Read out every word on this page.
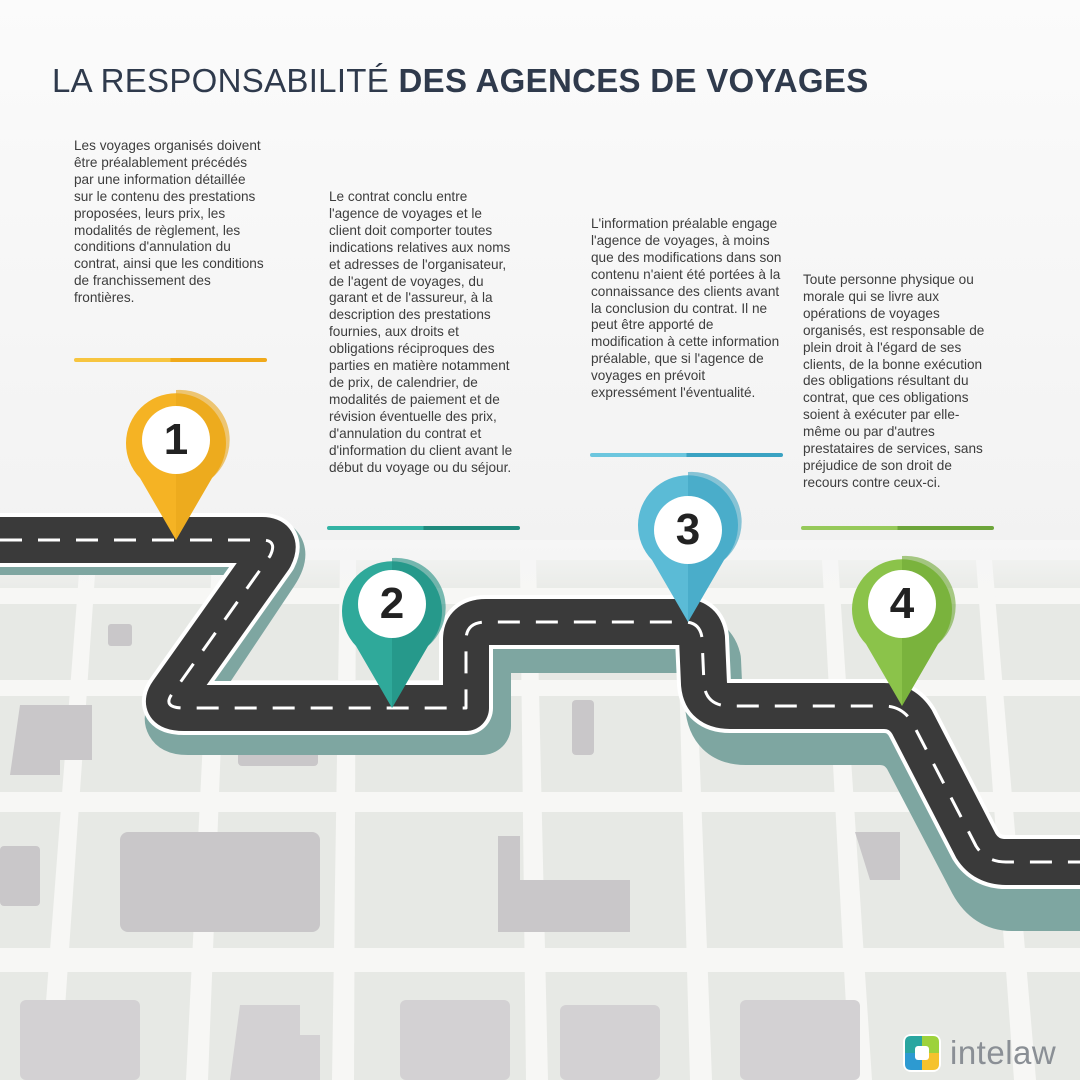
LA RESPONSABILITÉ DES AGENCES DE VOYAGES

Les voyages organisés doivent être préalablement précédés par une information détaillée sur le contenu des prestations proposées, leurs prix, les modalités de règlement, les conditions d'annulation du contrat, ainsi que les conditions de franchissement des frontières.

Le contrat conclu entre l'agence de voyages et le client doit comporter toutes indications relatives aux noms et adresses de l'organisateur, de l'agent de voyages, du garant et de l'assureur, à la description des prestations fournies, aux droits et obligations réciproques des parties en matière notamment de prix, de calendrier, de modalités de paiement et de révision éventuelle des prix, d'annulation du contrat et d'information du client avant le début du voyage ou du séjour.

L'information préalable engage l'agence de voyages, à moins que des modifications dans son contenu n'aient été portées à la connaissance des clients avant la conclusion du contrat. Il ne peut être apporté de modification à cette information préalable, que si l'agence de voyages en prévoit expressément l'éventualité.

Toute personne physique ou morale qui se livre aux opérations de voyages organisés, est responsable de plein droit à l'égard de ses clients, de la bonne exécution des obligations résultant du contrat, que ces obligations soient à exécuter par elle-même ou par d'autres prestataires de services, sans préjudice de son droit de recours contre ceux-ci.

1
2
3
4
intelaw
